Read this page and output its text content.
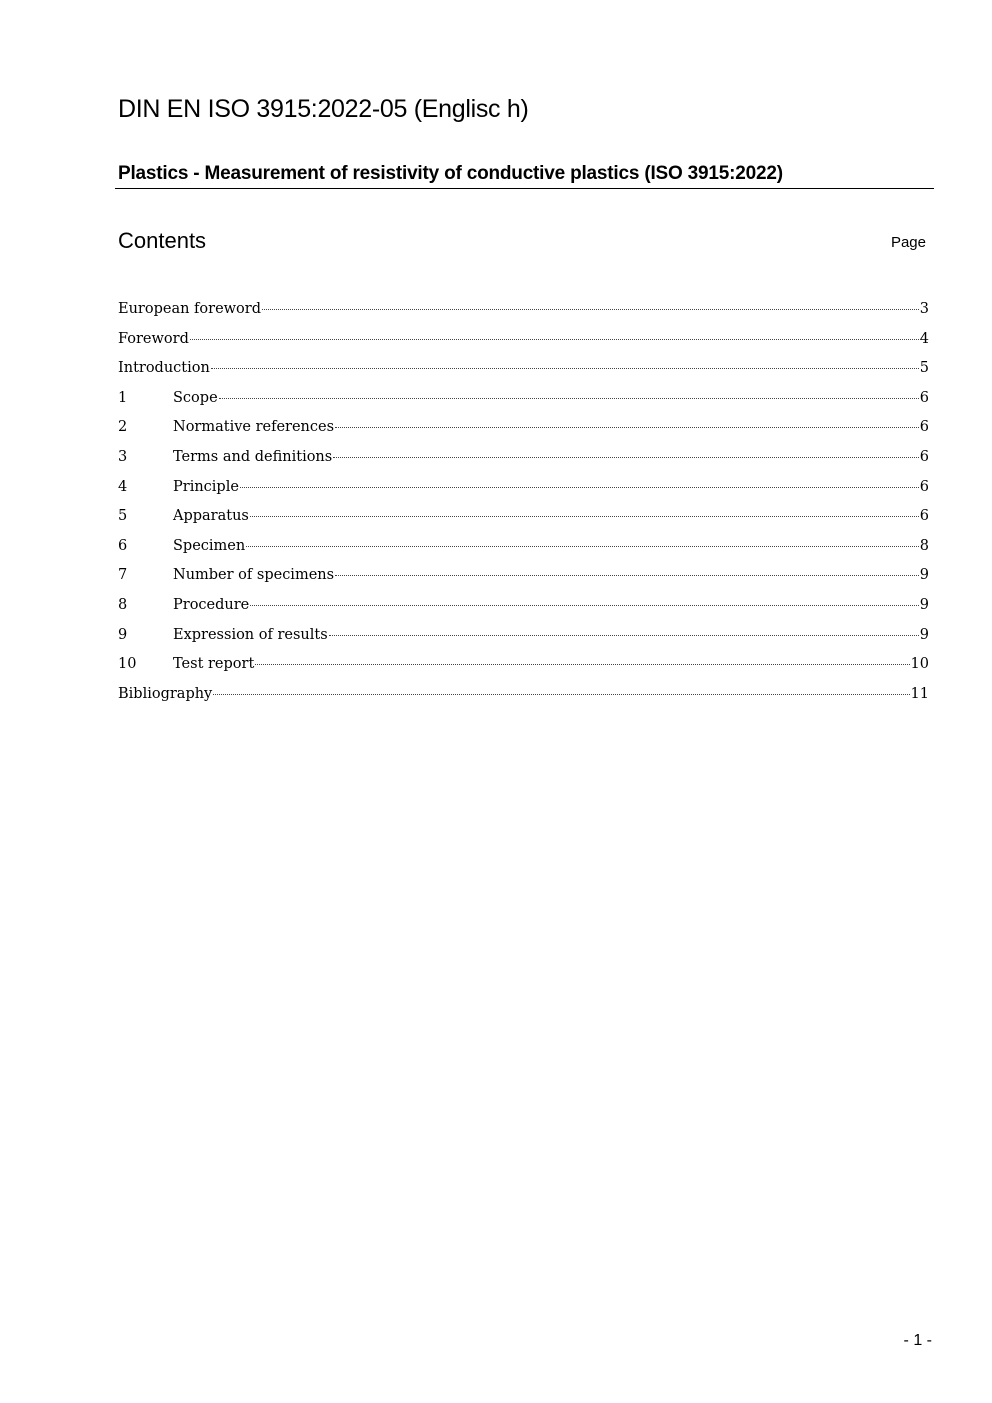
DIN EN ISO 3915:2022-05 (Englisc h)
Plastics - Measurement of resistivity of conductive plastics (ISO 3915:2022)
Contents	Page
European foreword	3
Foreword	4
Introduction	5
1	Scope	6
2	Normative references	6
3	Terms and definitions	6
4	Principle	6
5	Apparatus	6
6	Specimen	8
7	Number of specimens	9
8	Procedure	9
9	Expression of results	9
10	Test report	10
Bibliography	11
- 1 -
